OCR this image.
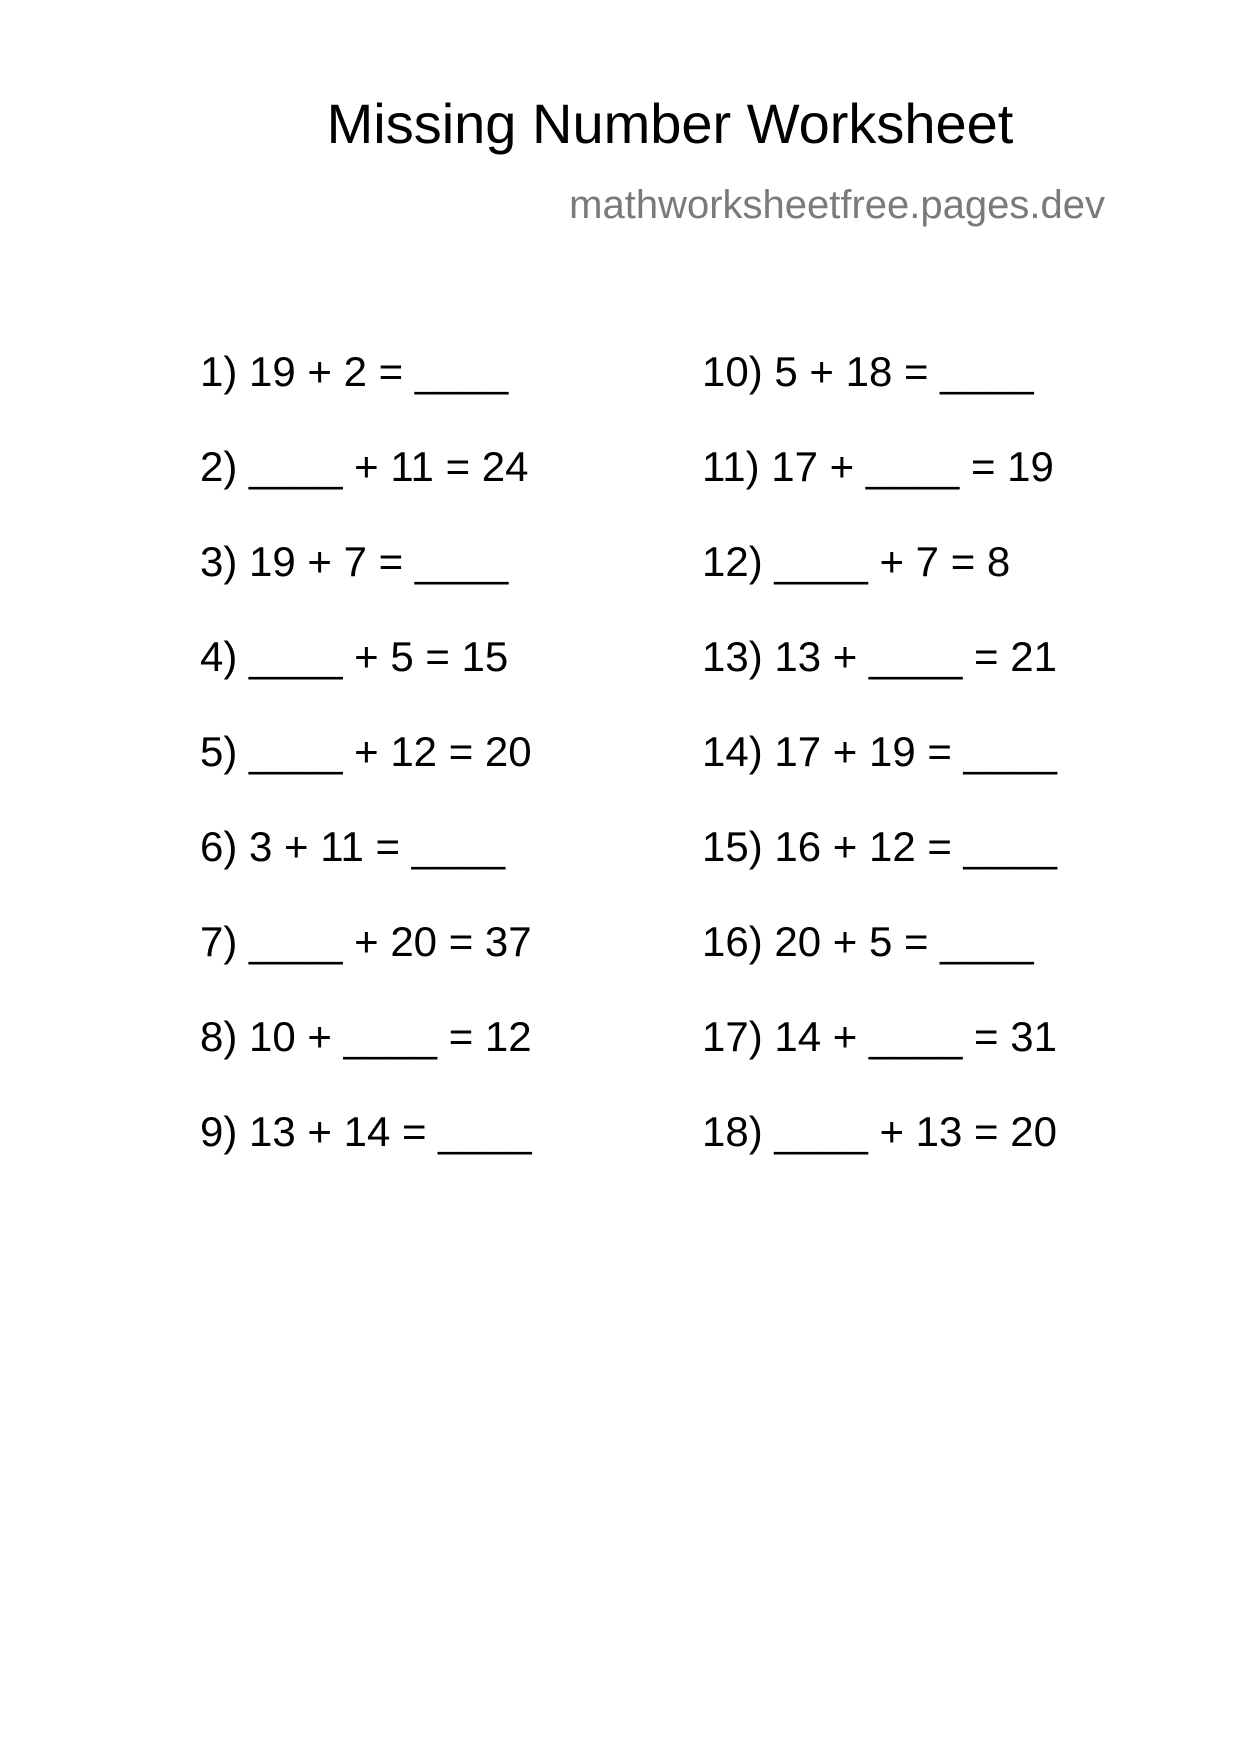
Missing Number Worksheet
mathworksheetfree.pages.dev
1) 19 + 2 = ____
2) ____ + 11 = 24
3) 19 + 7 = ____
4) ____ + 5 = 15
5) ____ + 12 = 20
6) 3 + 11 = ____
7) ____ + 20 = 37
8) 10 + ____ = 12
9) 13 + 14 = ____
10) 5 + 18 = ____
11) 17 + ____ = 19
12) ____ + 7 = 8
13) 13 + ____ = 21
14) 17 + 19 = ____
15) 16 + 12 = ____
16) 20 + 5 = ____
17) 14 + ____ = 31
18) ____ + 13 = 20
